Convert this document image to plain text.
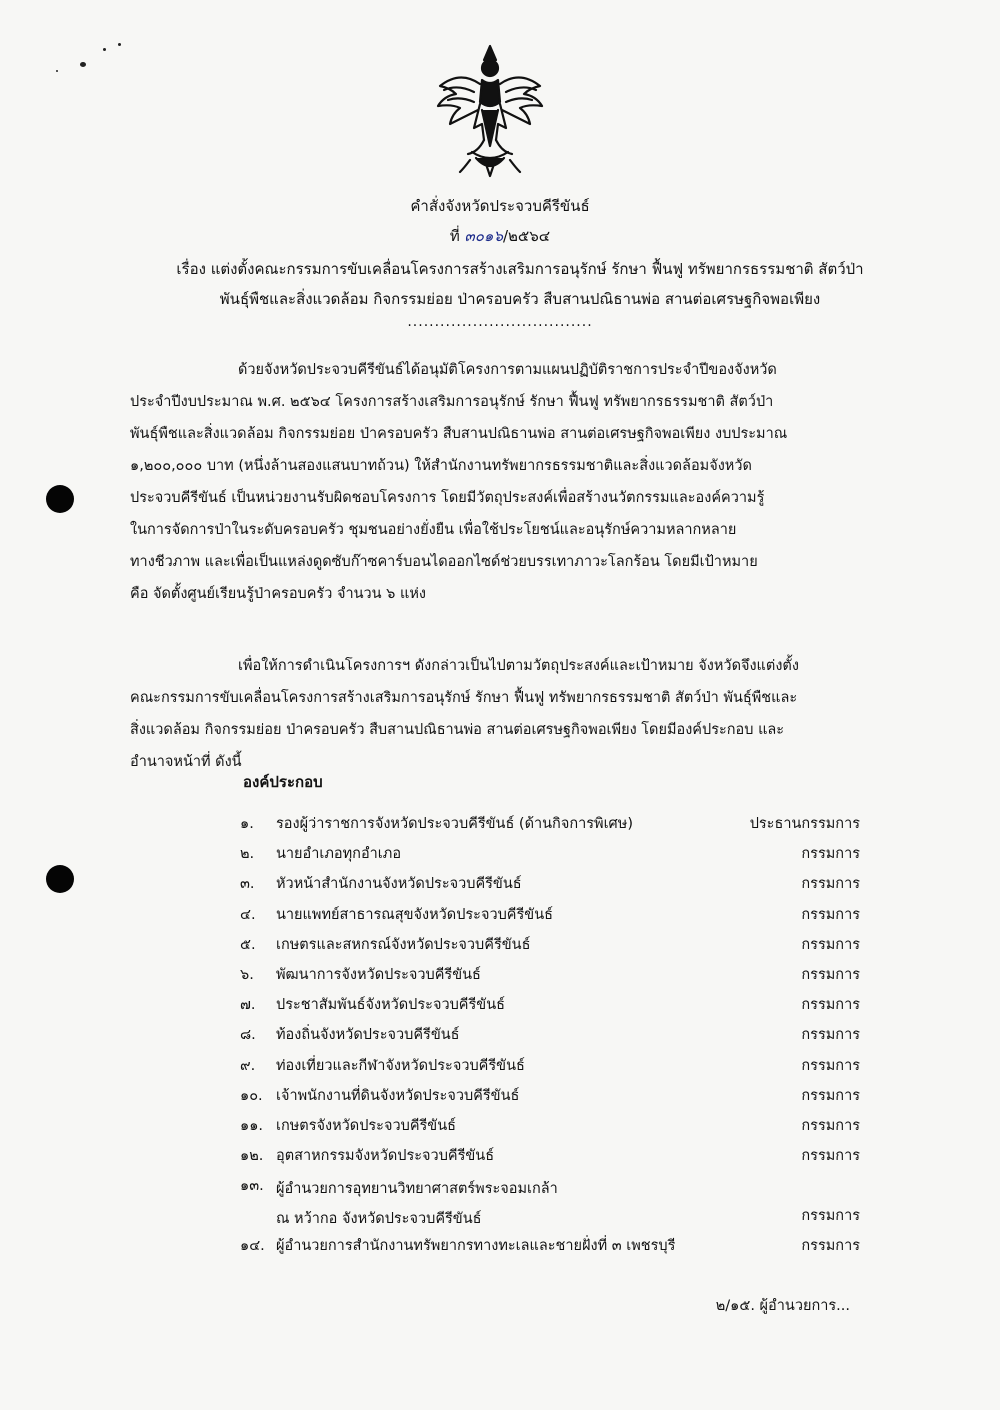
คำสั่งจังหวัดประจวบคีรีขันธ์
ที่ ๓๐๑๖/๒๕๖๔
เรื่อง แต่งตั้งคณะกรรมการขับเคลื่อนโครงการสร้างเสริมการอนุรักษ์ รักษา ฟื้นฟู ทรัพยากรธรรมชาติ สัตว์ป่า
พันธุ์พืชและสิ่งแวดล้อม กิจกรรมย่อย ป่าครอบครัว สืบสานปณิธานพ่อ สานต่อเศรษฐกิจพอเพียง
..................................
ด้วยจังหวัดประจวบคีรีขันธ์ได้อนุมัติโครงการตามแผนปฏิบัติราชการประจำปีของจังหวัด
ประจำปีงบประมาณ พ.ศ. ๒๕๖๔ โครงการสร้างเสริมการอนุรักษ์ รักษา ฟื้นฟู ทรัพยากรธรรมชาติ สัตว์ป่า
พันธุ์พืชและสิ่งแวดล้อม กิจกรรมย่อย ป่าครอบครัว สืบสานปณิธานพ่อ สานต่อเศรษฐกิจพอเพียง งบประมาณ
๑,๒๐๐,๐๐๐ บาท (หนึ่งล้านสองแสนบาทถ้วน) ให้สำนักงานทรัพยากรธรรมชาติและสิ่งแวดล้อมจังหวัด
ประจวบคีรีขันธ์ เป็นหน่วยงานรับผิดชอบโครงการ โดยมีวัตถุประสงค์เพื่อสร้างนวัตกรรมและองค์ความรู้
ในการจัดการป่าในระดับครอบครัว ชุมชนอย่างยั่งยืน เพื่อใช้ประโยชน์และอนุรักษ์ความหลากหลาย
ทางชีวภาพ และเพื่อเป็นแหล่งดูดซับก๊าซคาร์บอนไดออกไซด์ช่วยบรรเทาภาวะโลกร้อน โดยมีเป้าหมาย
คือ จัดตั้งศูนย์เรียนรู้ป่าครอบครัว จำนวน ๖ แห่ง
เพื่อให้การดำเนินโครงการฯ ดังกล่าวเป็นไปตามวัตถุประสงค์และเป้าหมาย จังหวัดจึงแต่งตั้ง
คณะกรรมการขับเคลื่อนโครงการสร้างเสริมการอนุรักษ์ รักษา ฟื้นฟู ทรัพยากรธรรมชาติ สัตว์ป่า พันธุ์พืชและ
สิ่งแวดล้อม กิจกรรมย่อย ป่าครอบครัว สืบสานปณิธานพ่อ สานต่อเศรษฐกิจพอเพียง โดยมีองค์ประกอบ และ
อำนาจหน้าที่ ดังนี้
องค์ประกอบ
๑.	รองผู้ว่าราชการจังหวัดประจวบคีรีขันธ์ (ด้านกิจการพิเศษ)	ประธานกรรมการ
๒.	นายอำเภอทุกอำเภอ	กรรมการ
๓.	หัวหน้าสำนักงานจังหวัดประจวบคีรีขันธ์	กรรมการ
๔.	นายแพทย์สาธารณสุขจังหวัดประจวบคีรีขันธ์	กรรมการ
๕.	เกษตรและสหกรณ์จังหวัดประจวบคีรีขันธ์	กรรมการ
๖.	พัฒนาการจังหวัดประจวบคีรีขันธ์	กรรมการ
๗.	ประชาสัมพันธ์จังหวัดประจวบคีรีขันธ์	กรรมการ
๘.	ท้องถิ่นจังหวัดประจวบคีรีขันธ์	กรรมการ
๙.	ท่องเที่ยวและกีฬาจังหวัดประจวบคีรีขันธ์	กรรมการ
๑๐. เจ้าพนักงานที่ดินจังหวัดประจวบคีรีขันธ์	กรรมการ
๑๑. เกษตรจังหวัดประจวบคีรีขันธ์	กรรมการ
๑๒. อุตสาหกรรมจังหวัดประจวบคีรีขันธ์	กรรมการ
๑๓. ผู้อำนวยการอุทยานวิทยาศาสตร์พระจอมเกล้า
ณ หว้ากอ จังหวัดประจวบคีรีขันธ์	กรรมการ
๑๔. ผู้อำนวยการสำนักงานทรัพยากรทางทะเลและชายฝั่งที่ ๓ เพชรบุรี	กรรมการ
๒/๑๕. ผู้อำนวยการ...
